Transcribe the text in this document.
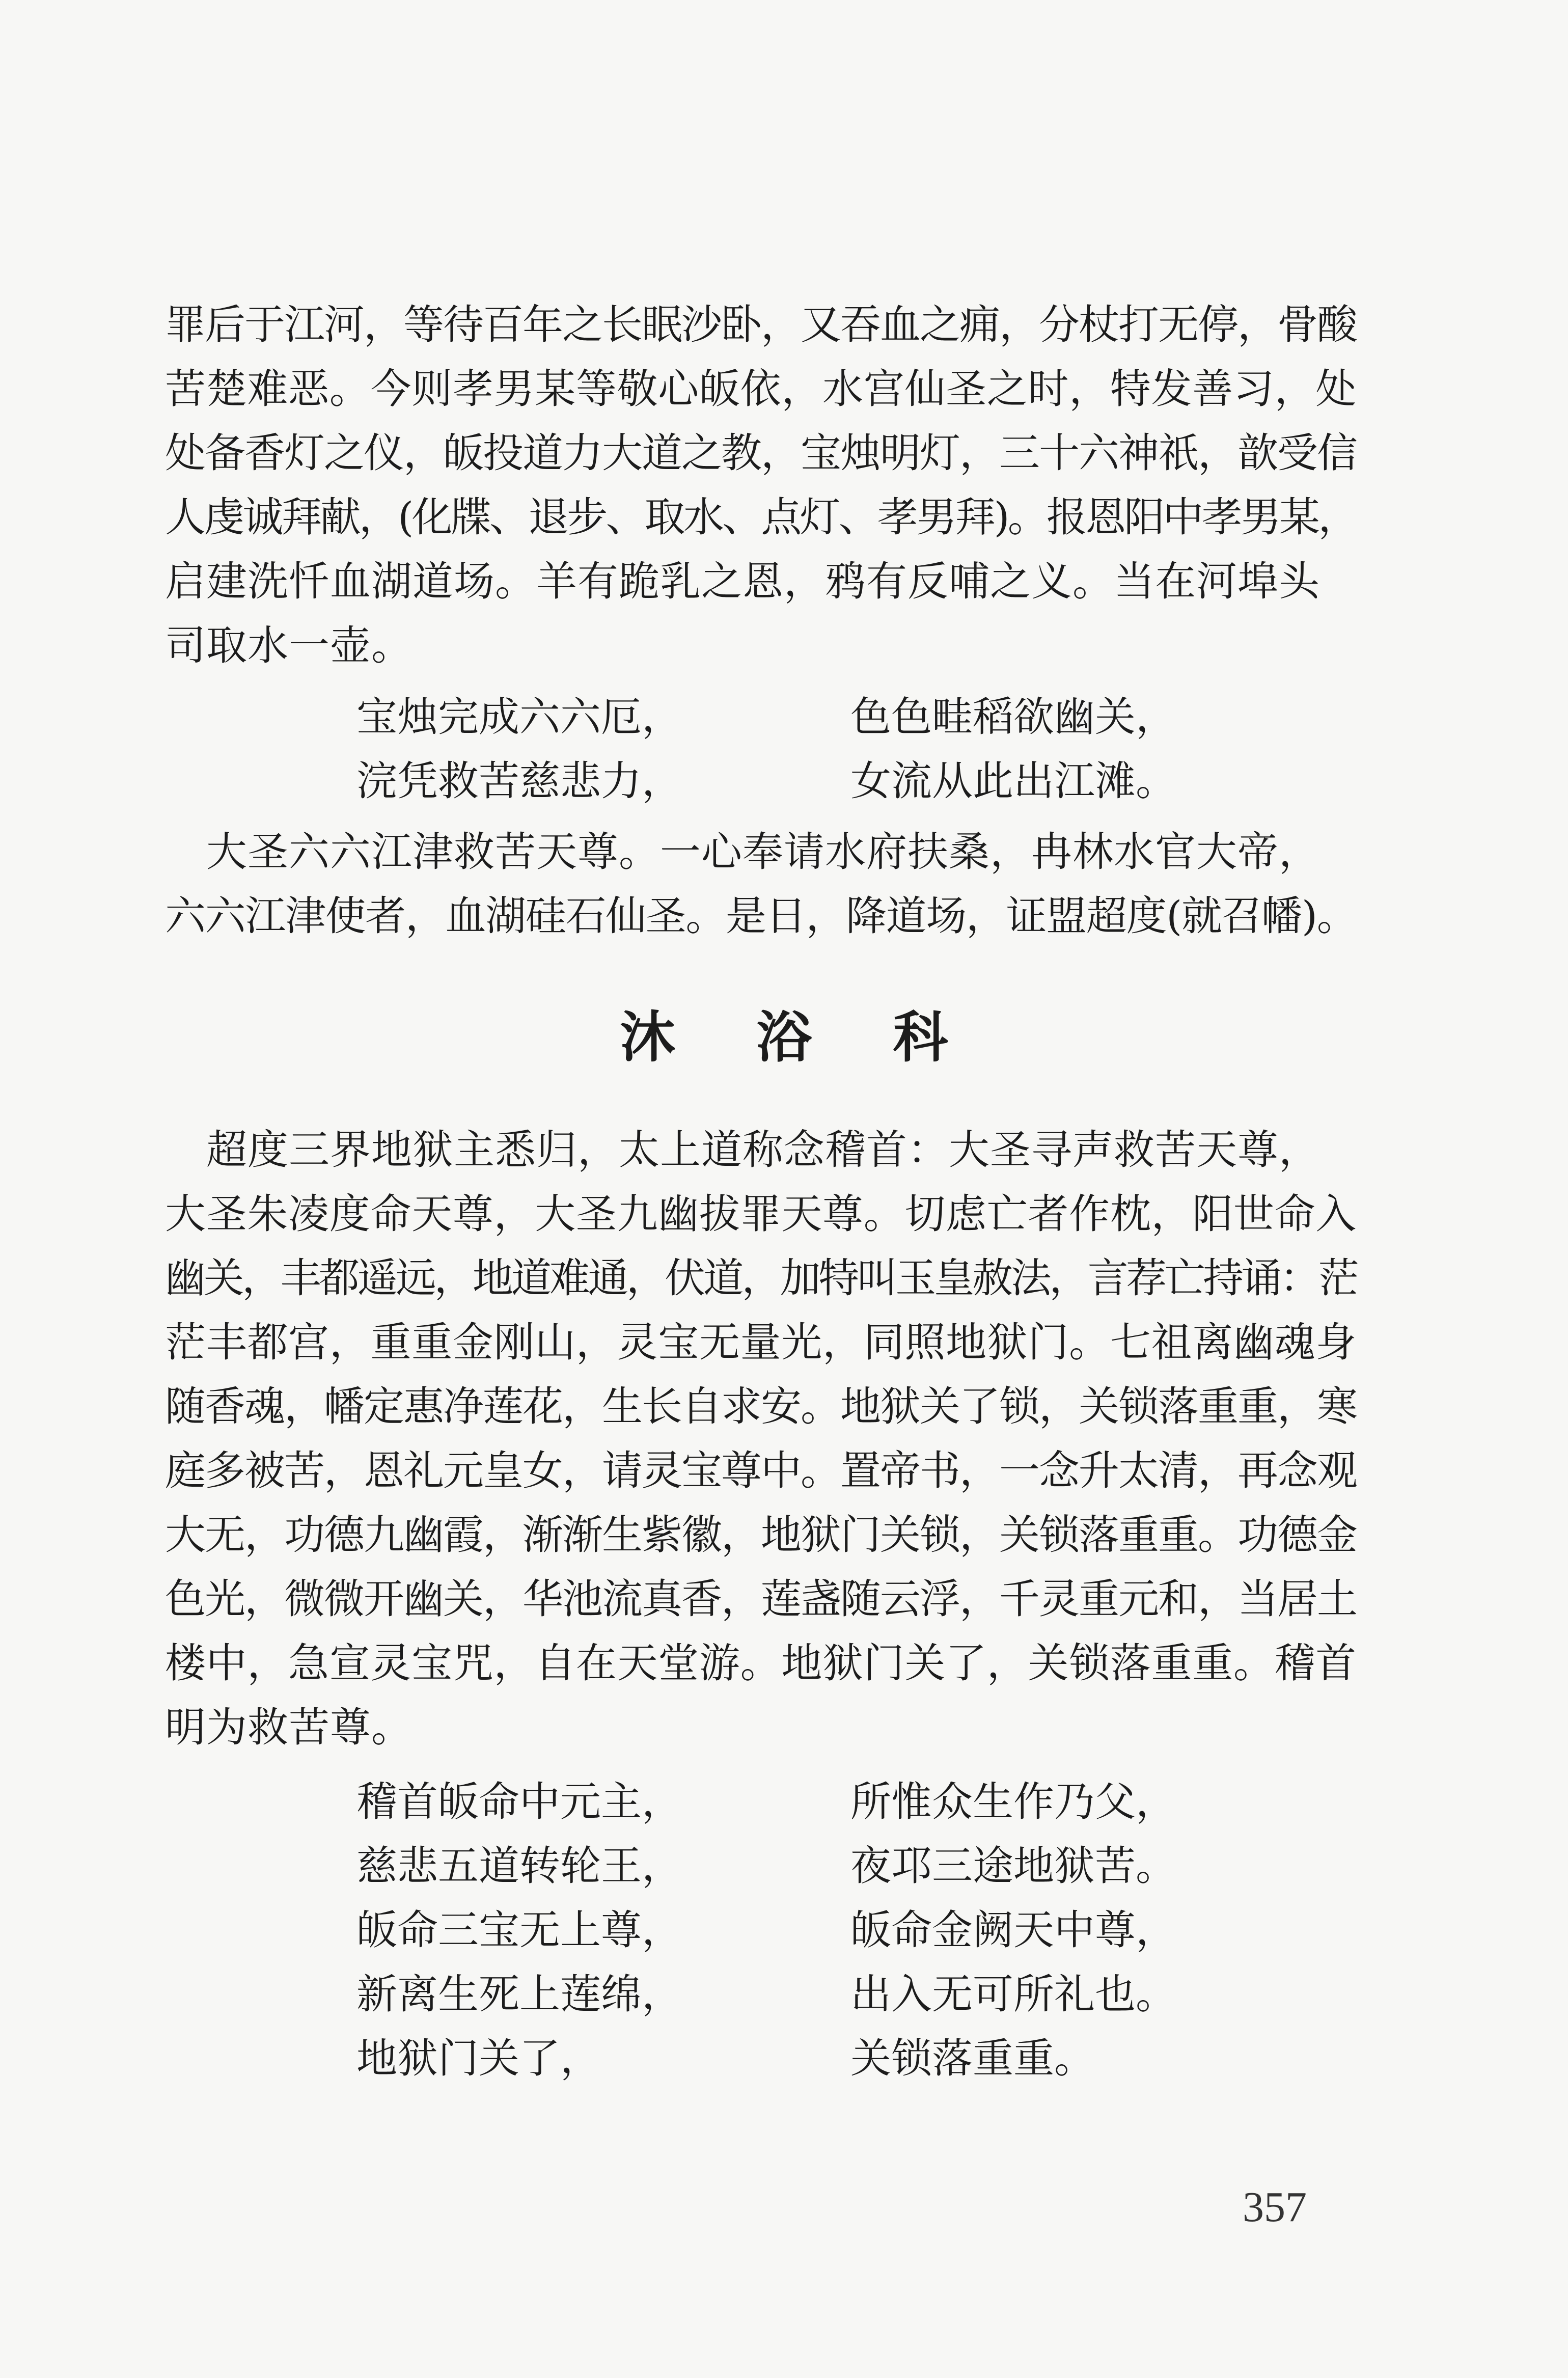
罪后于江河，等待百年之长眠沙卧，又吞血之痈，分杖打无停，骨酸
苦楚难恶。今则孝男某等敬心皈依，水宫仙圣之时，特发善习，处
处备香灯之仪，皈投道力大道之教，宝烛明灯，三十六神祇，歆受信
人虔诚拜献，(化牒、退步、取水、点灯、孝男拜)。报恩阳中孝男某，
启建洗忏血湖道场。羊有跪乳之恩，鸦有反哺之义。当在河埠头
司取水一壶。
宝烛完成六六厄，	色色畦稻欲幽关，
浣凭救苦慈悲力，	女流从此出江滩。
　大圣六六江津救苦天尊。一心奉请水府扶桑，冉林水官大帝，
六六江津使者，血湖硅石仙圣。是日，降道场，证盟超度(就召幡)。
沐浴科
　超度三界地狱主悉归，太上道称念稽首：大圣寻声救苦天尊，
大圣朱凌度命天尊，大圣九幽拔罪天尊。切虑亡者作枕，阳世命入
幽关，丰都遥远，地道难通，伏道，加特叫玉皇赦法，言荐亡持诵：茫
茫丰都宫，重重金刚山，灵宝无量光，同照地狱门。七祖离幽魂身
随香魂，幡定惠净莲花，生长自求安。地狱关了锁，关锁落重重，寒
庭多被苦，恩礼元皇女，请灵宝尊中。置帝书，一念升太清，再念观
大无，功德九幽霞，渐渐生紫徽，地狱门关锁，关锁落重重。功德金
色光，微微开幽关，华池流真香，莲盏随云浮，千灵重元和，当居土
楼中，急宣灵宝咒，自在天堂游。地狱门关了，关锁落重重。稽首
明为救苦尊。
稽首皈命中元主，	所惟众生作乃父，
慈悲五道转轮王，	夜邛三途地狱苦。
皈命三宝无上尊，	皈命金阙天中尊，
新离生死上莲绵，	出入无可所礼也。
地狱门关了，	关锁落重重。
357
